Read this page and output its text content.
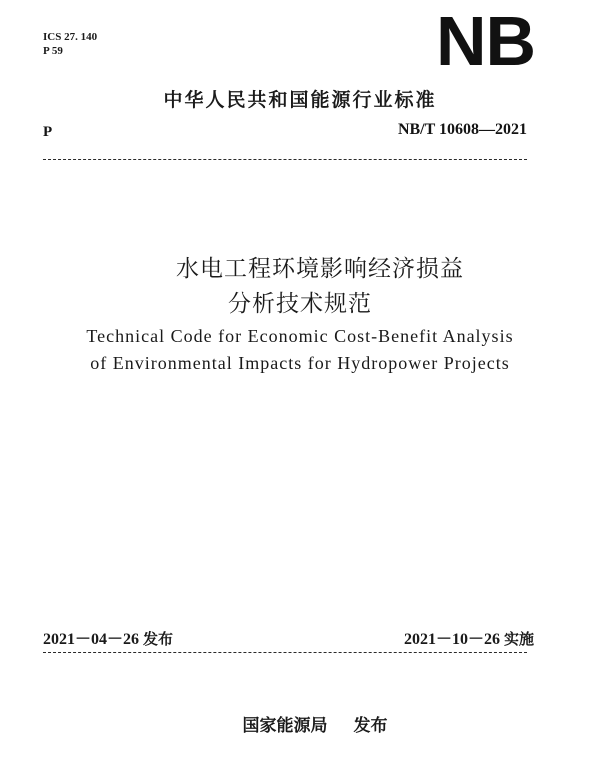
ICS 27. 140
P 59	NB
中华人民共和国能源行业标准
P	NB/T 10608—2021
水电工程环境影响经济损益
分析技术规范
Technical Code for Economic Cost-Benefit Analysis
of Environmental Impacts for Hydropower Projects
2021－04－26 发布	2021－10－26 实施
国家能源局 发布
